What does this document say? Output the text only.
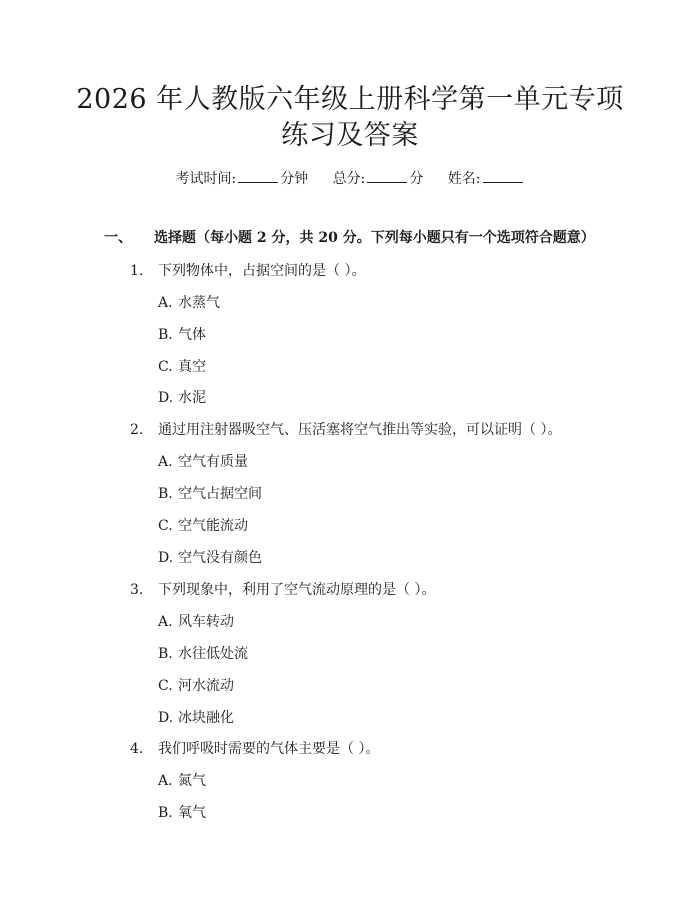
2026 年人教版六年级上册科学第一单元专项
练习及答案
考试时间:	分钟 总分:	分 姓名:
一、 选择题（每小题 2 分，共 20 分。下列每小题只有一个选项符合题意）
1. 下列物体中，占据空间的是（ ）。
A. 水蒸气
B. 气体
C. 真空
D. 水泥
2. 通过用注射器吸空气、压活塞将空气推出等实验，可以证明（ ）。
A. 空气有质量
B. 空气占据空间
C. 空气能流动
D. 空气没有颜色
3. 下列现象中，利用了空气流动原理的是（ ）。
A. 风车转动
B. 水往低处流
C. 河水流动
D. 冰块融化
4. 我们呼吸时需要的气体主要是（ ）。
A. 氮气
B. 氧气
